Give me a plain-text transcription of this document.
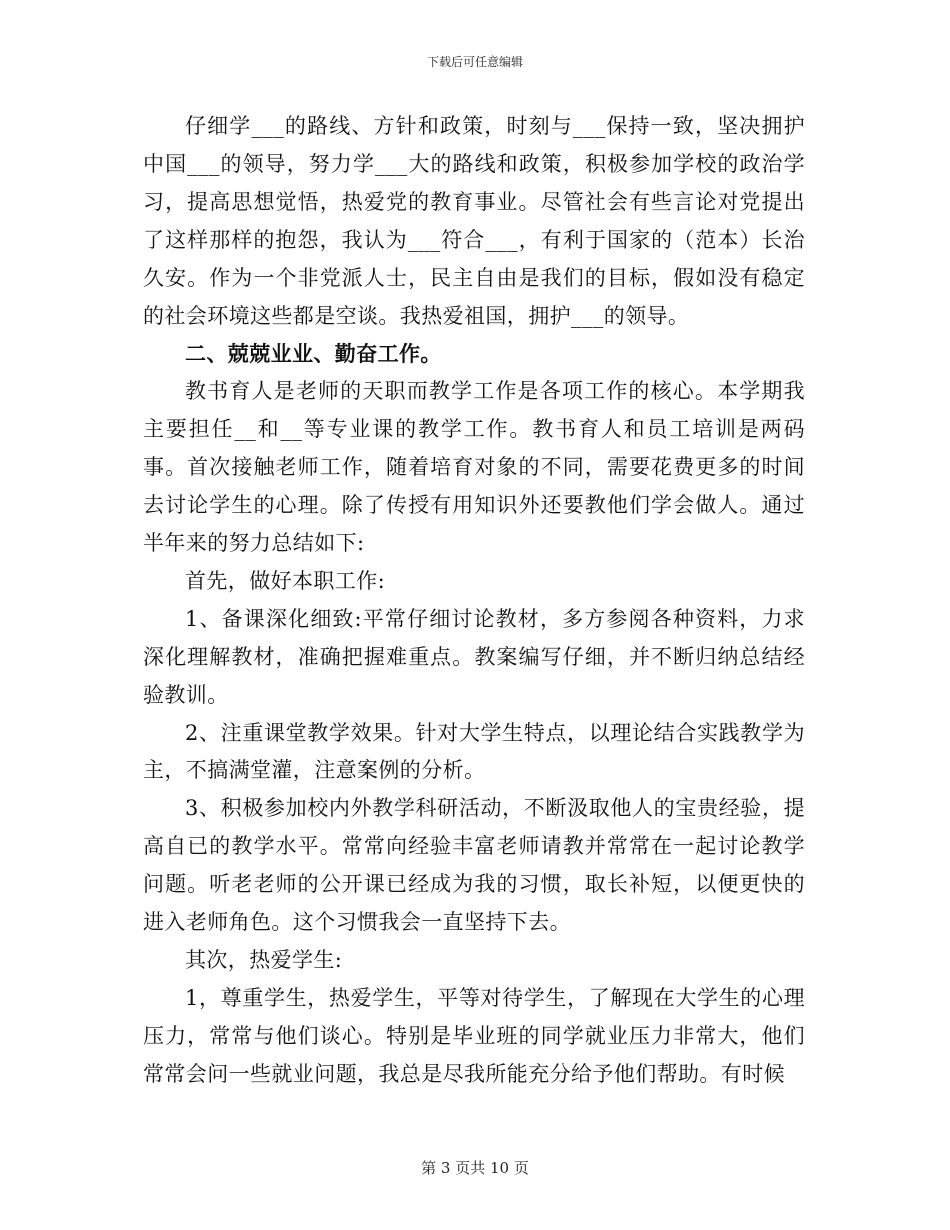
下载后可任意编辑

仔细学___的路线、方针和政策，时刻与___保持一致，坚决拥护中国___的领导，努力学___大的路线和政策，积极参加学校的政治学习，提高思想觉悟，热爱党的教育事业。尽管社会有些言论对党提出了这样那样的抱怨，我认为___符合___，有利于国家的（范本）长治久安。作为一个非党派人士，民主自由是我们的目标，假如没有稳定的社会环境这些都是空谈。我热爱祖国，拥护___的领导。

二、兢兢业业、勤奋工作。

教书育人是老师的天职而教学工作是各项工作的核心。本学期我主要担任__和__等专业课的教学工作。教书育人和员工培训是两码事。首次接触老师工作，随着培育对象的不同，需要花费更多的时间去讨论学生的心理。除了传授有用知识外还要教他们学会做人。通过半年来的努力总结如下:

首先，做好本职工作:

1、备课深化细致:平常仔细讨论教材，多方参阅各种资料，力求深化理解教材，准确把握难重点。教案编写仔细，并不断归纳总结经验教训。

2、注重课堂教学效果。针对大学生特点，以理论结合实践教学为主，不搞满堂灌，注意案例的分析。

3、积极参加校内外教学科研活动，不断汲取他人的宝贵经验，提高自已的教学水平。常常向经验丰富老师请教并常常在一起讨论教学问题。听老老师的公开课已经成为我的习惯，取长补短，以便更快的进入老师角色。这个习惯我会一直坚持下去。

其次，热爱学生:

1，尊重学生，热爱学生，平等对待学生，了解现在大学生的心理压力，常常与他们谈心。特别是毕业班的同学就业压力非常大，他们常常会问一些就业问题，我总是尽我所能充分给予他们帮助。有时候

第 3 页共 10 页
